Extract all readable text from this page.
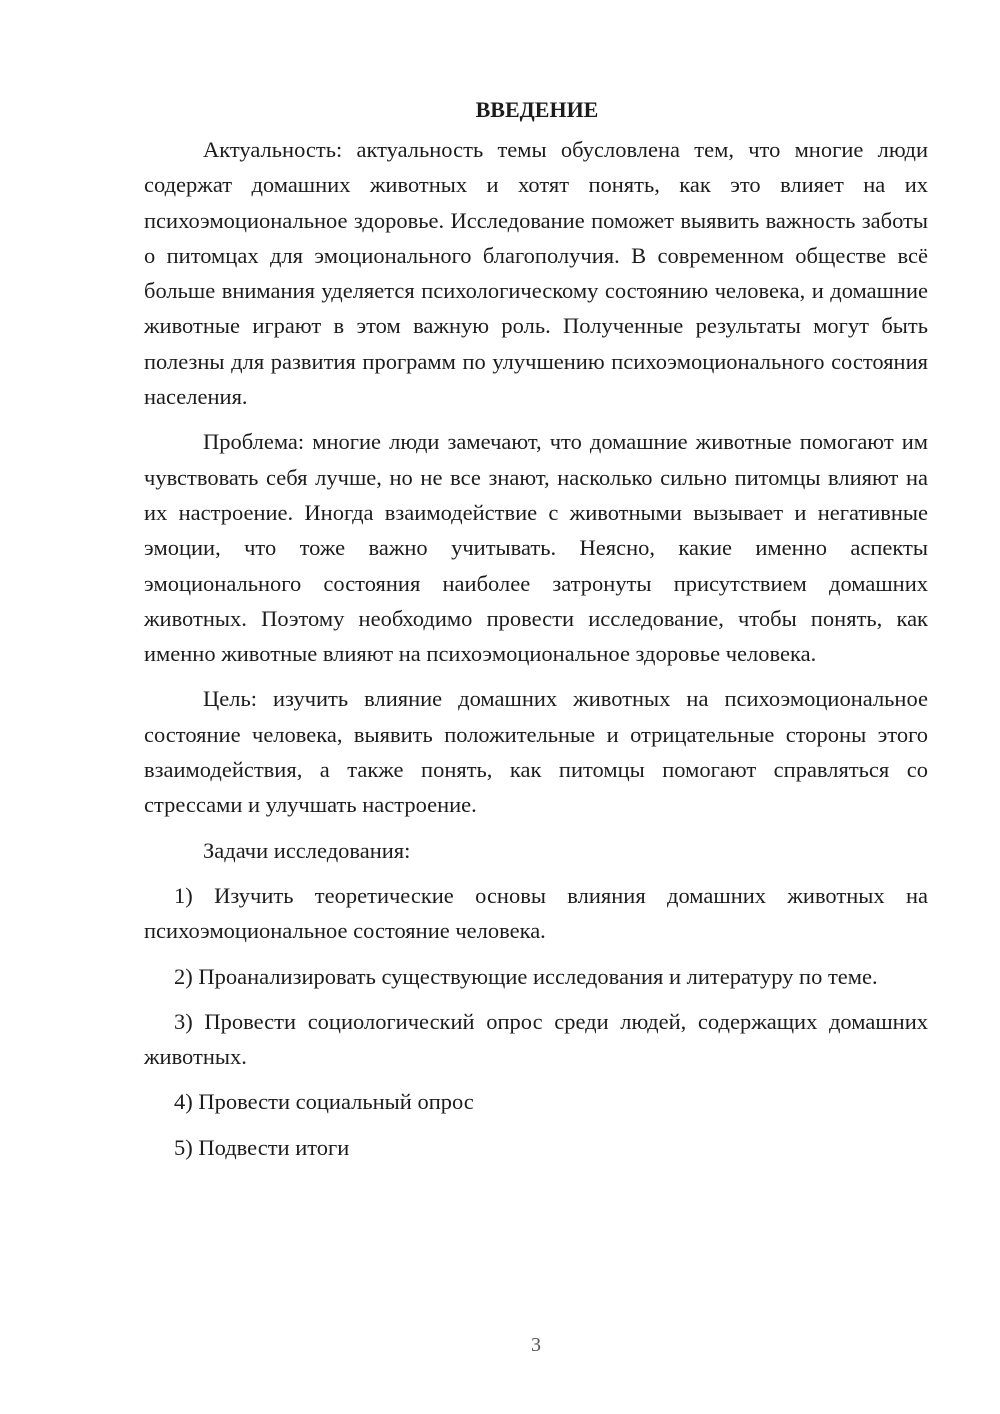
ВВЕДЕНИЕ

Актуальность: актуальность темы обусловлена тем, что многие люди содержат домашних животных и хотят понять, как это влияет на их психоэмоциональное здоровье. Исследование поможет выявить важность заботы о питомцах для эмоционального благополучия. В современном обществе всё больше внимания уделяется психологическому состоянию человека, и домашние животные играют в этом важную роль. Полученные результаты могут быть полезны для развития программ по улучшению психоэмоционального состояния населения.

Проблема: многие люди замечают, что домашние животные помогают им чувствовать себя лучше, но не все знают, насколько сильно питомцы влияют на их настроение. Иногда взаимодействие с животными вызывает и негативные эмоции, что тоже важно учитывать. Неясно, какие именно аспекты эмоционального состояния наиболее затронуты присутствием домашних животных. Поэтому необходимо провести исследование, чтобы понять, как именно животные влияют на психоэмоциональное здоровье человека.

Цель: изучить влияние домашних животных на психоэмоциональное состояние человека, выявить положительные и отрицательные стороны этого взаимодействия, а также понять, как питомцы помогают справляться со стрессами и улучшать настроение.

Задачи исследования:

1) Изучить теоретические основы влияния домашних животных на психоэмоциональное состояние человека.

2) Проанализировать существующие исследования и литературу по теме.

3) Провести социологический опрос среди людей, содержащих домашних животных.

4) Провести социальный опрос

5) Подвести итоги

3
